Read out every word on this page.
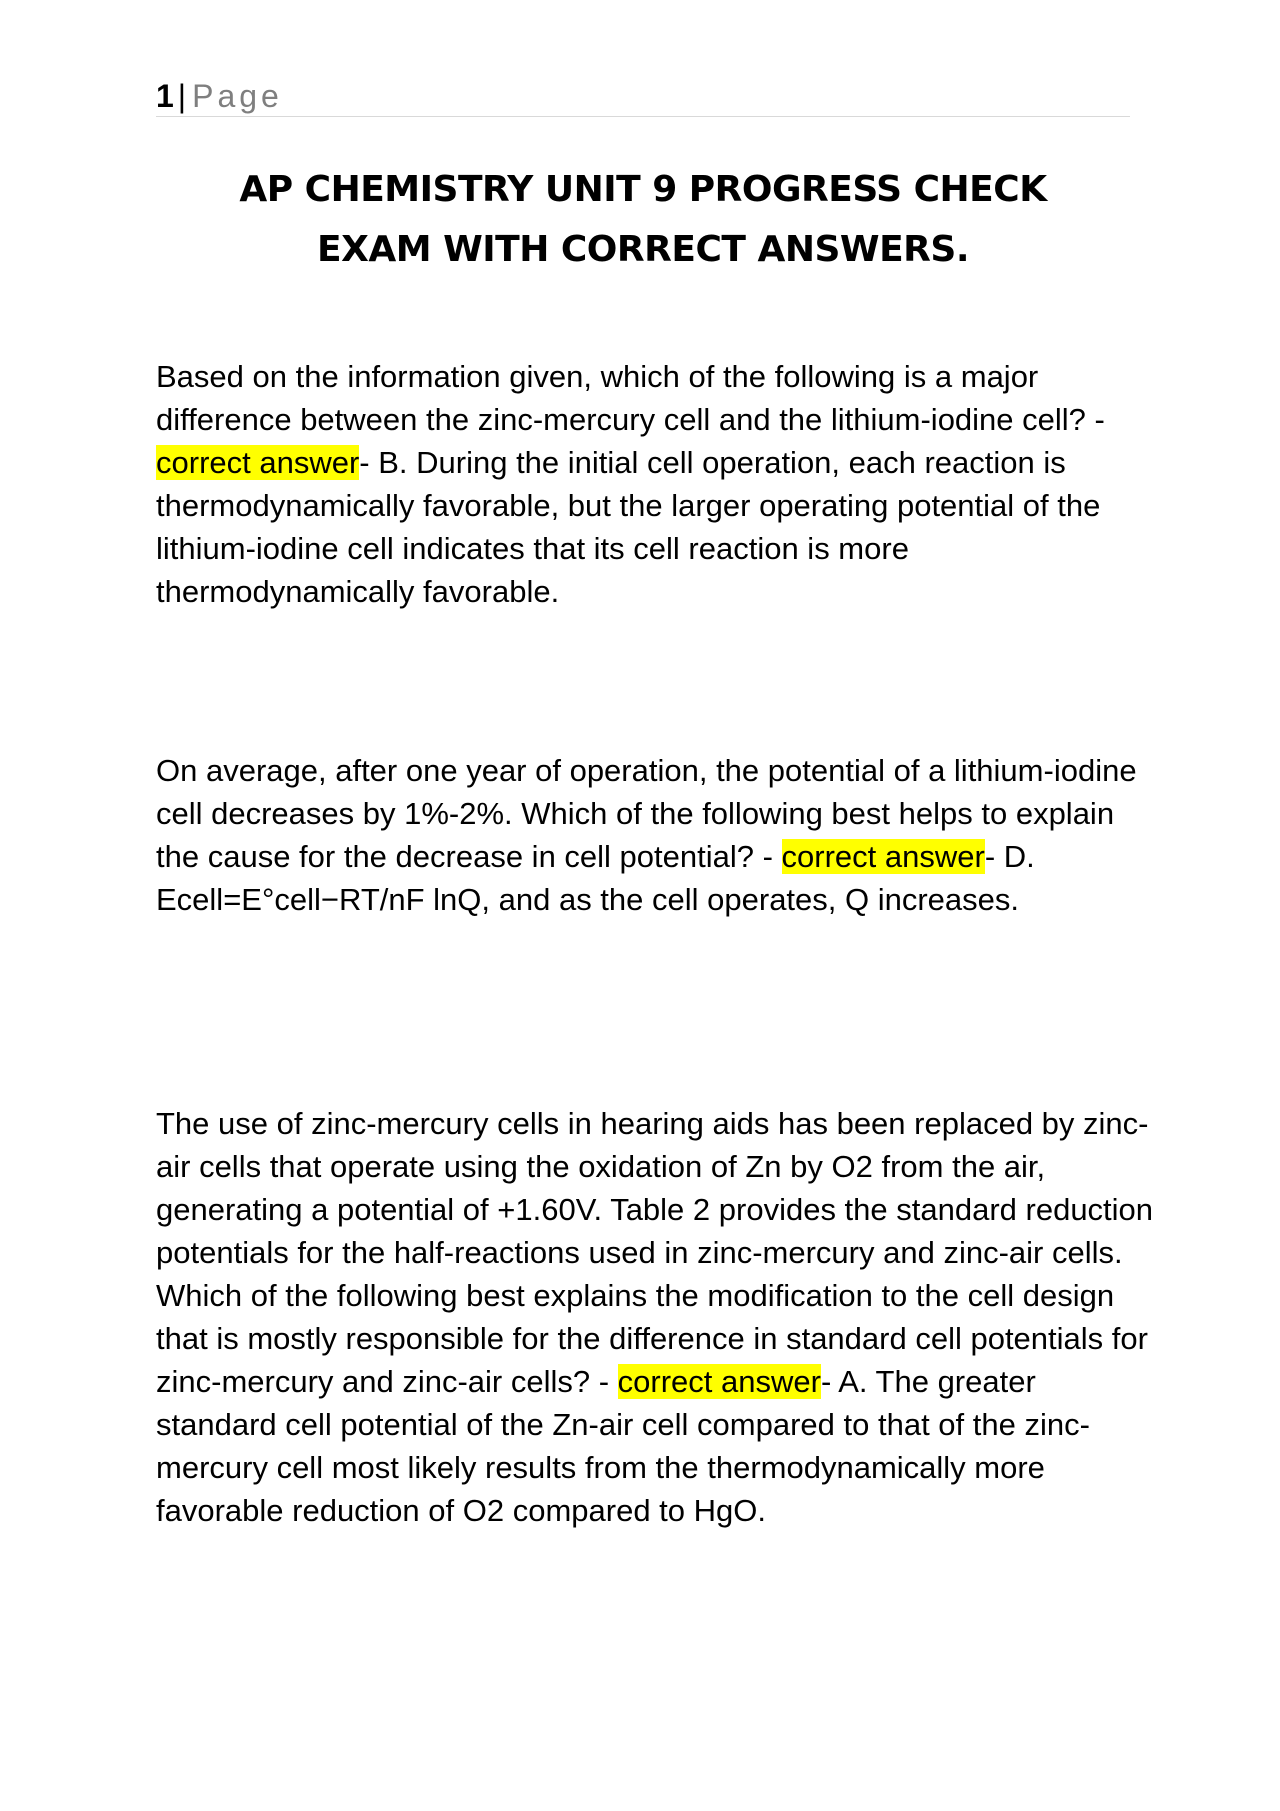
1 | Page
AP CHEMISTRY UNIT 9 PROGRESS CHECK
EXAM WITH CORRECT ANSWERS.
Based on the information given, which of the following is a major difference between the zinc-mercury cell and the lithium-iodine cell? - correct answer- B. During the initial cell operation, each reaction is thermodynamically favorable, but the larger operating potential of the lithium-iodine cell indicates that its cell reaction is more thermodynamically favorable.
On average, after one year of operation, the potential of a lithium-iodine cell decreases by 1%-2%. Which of the following best helps to explain the cause for the decrease in cell potential? - correct answer- D. Ecell=E°cell−RT/nF lnQ, and as the cell operates, Q increases.
The use of zinc-mercury cells in hearing aids has been replaced by zinc-air cells that operate using the oxidation of Zn by O2 from the air, generating a potential of +1.60V. Table 2 provides the standard reduction potentials for the half-reactions used in zinc-mercury and zinc-air cells. Which of the following best explains the modification to the cell design that is mostly responsible for the difference in standard cell potentials for zinc-mercury and zinc-air cells? - correct answer- A. The greater standard cell potential of the Zn-air cell compared to that of the zinc-mercury cell most likely results from the thermodynamically more favorable reduction of O2 compared to HgO.
